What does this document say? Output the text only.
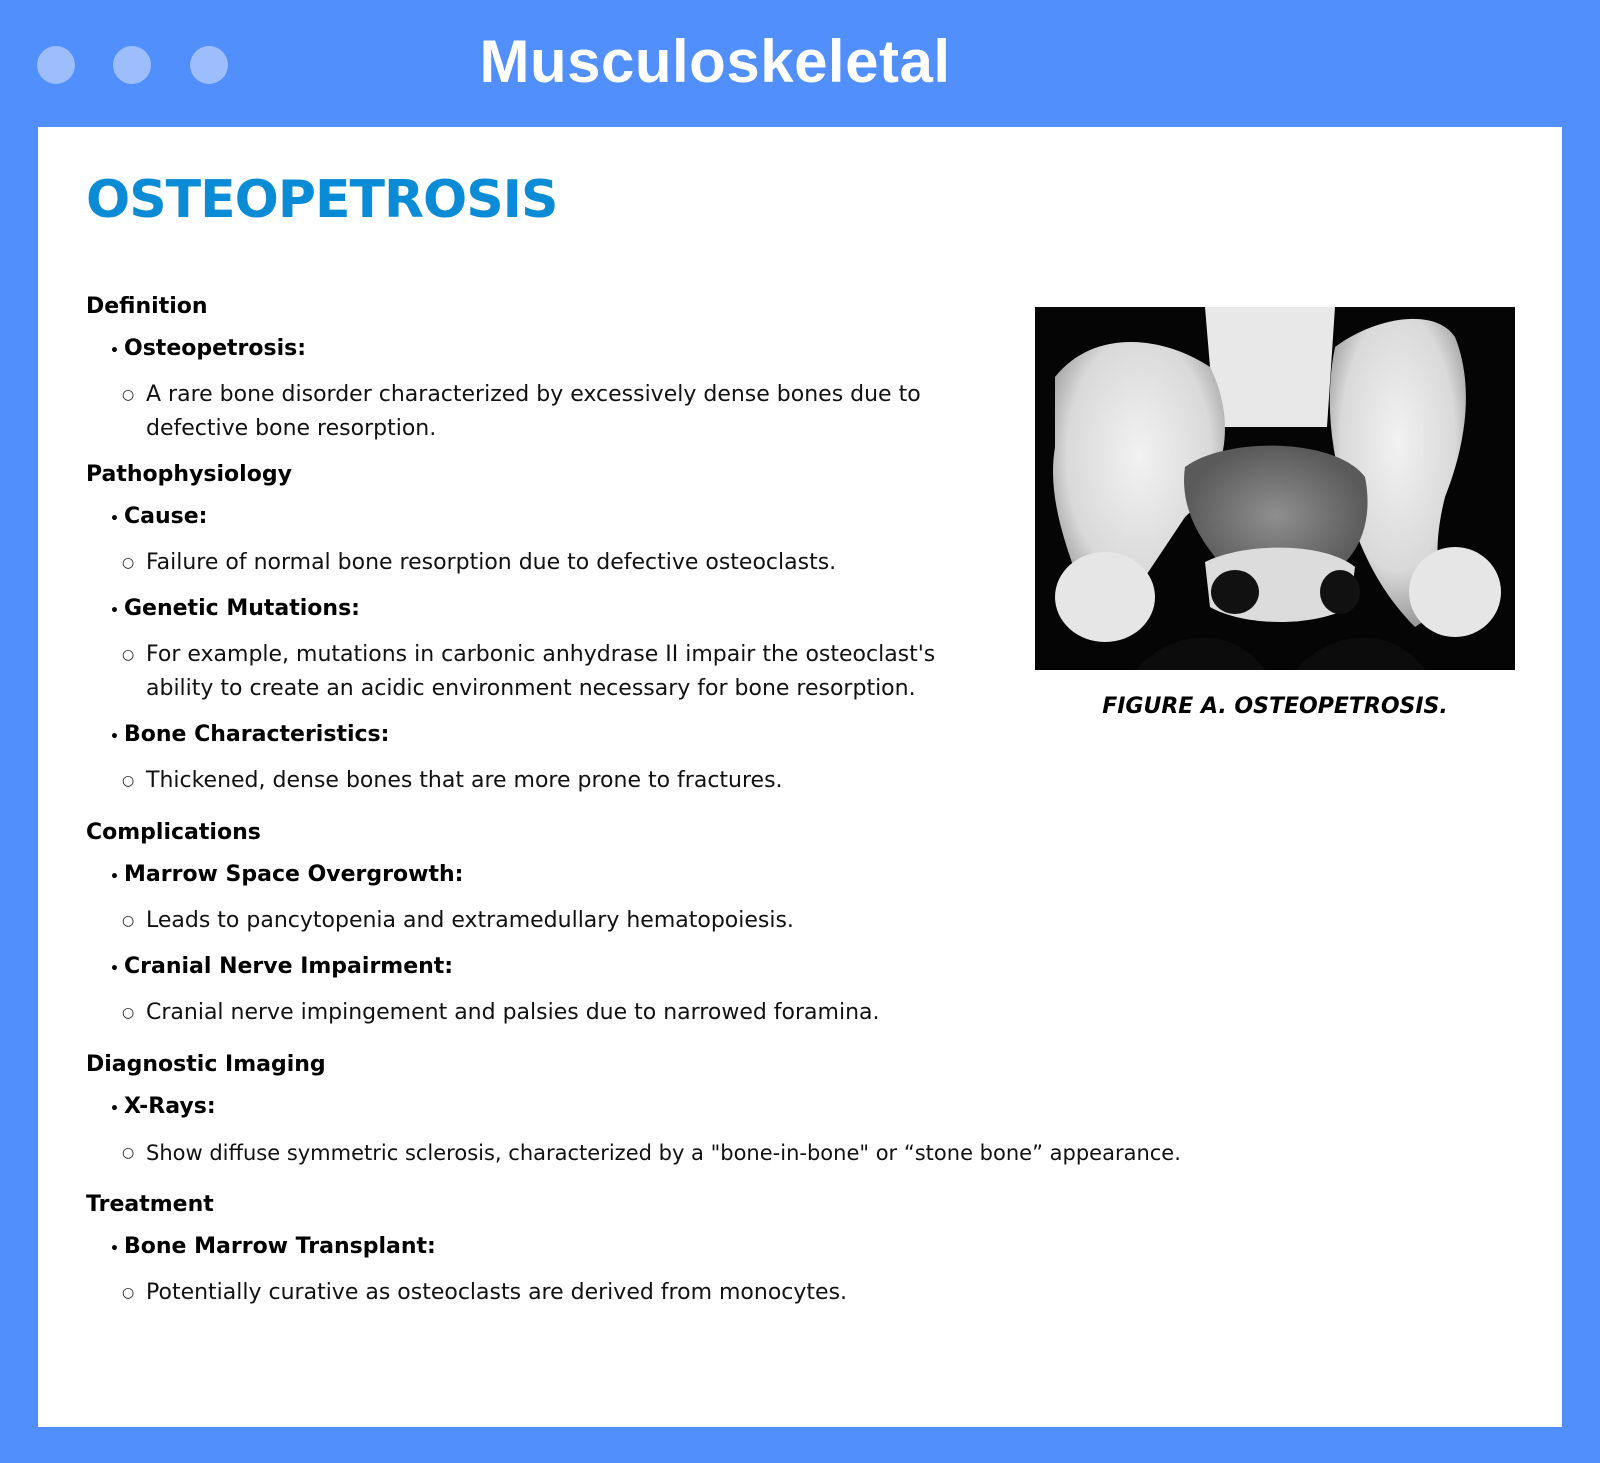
Musculoskeletal
OSTEOPETROSIS
Definition
• Osteopetrosis:
○ A rare bone disorder characterized by excessively dense bones due to defective bone resorption.
Pathophysiology
• Cause:
○ Failure of normal bone resorption due to defective osteoclasts.
• Genetic Mutations:
○ For example, mutations in carbonic anhydrase II impair the osteoclast's ability to create an acidic environment necessary for bone resorption.
• Bone Characteristics:
○ Thickened, dense bones that are more prone to fractures.
Complications
• Marrow Space Overgrowth:
○ Leads to pancytopenia and extramedullary hematopoiesis.
• Cranial Nerve Impairment:
○ Cranial nerve impingement and palsies due to narrowed foramina.
Diagnostic Imaging
• X-Rays:
○ Show diffuse symmetric sclerosis, characterized by a "bone-in-bone" or “stone bone” appearance.
Treatment
• Bone Marrow Transplant:
○ Potentially curative as osteoclasts are derived from monocytes.
FIGURE A. OSTEOPETROSIS.
